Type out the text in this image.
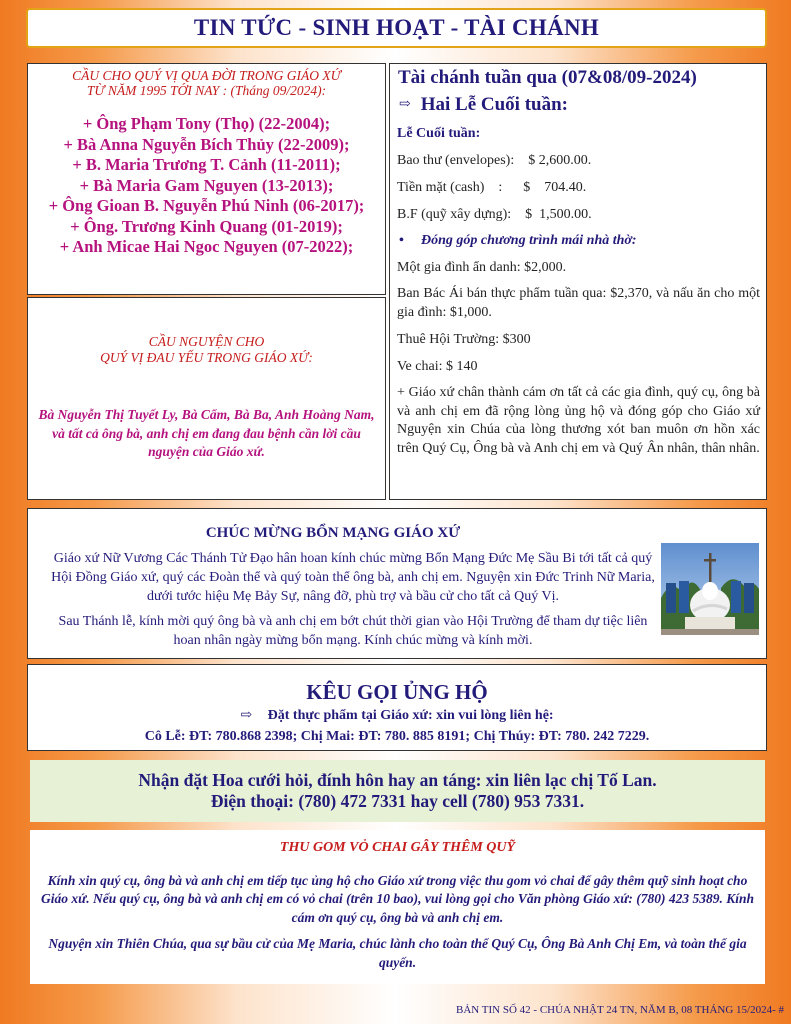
TIN TỨC - SINH HOẠT - TÀI CHÁNH
CẦU CHO QUÝ VỊ QUA ĐỜI TRONG GIÁO XỨ
TỪ NĂM 1995 TỚI NAY : (Tháng 09/2024):
+ Ông Phạm Tony (Thọ) (22-2004);
+ Bà Anna Nguyễn Bích Thủy (22-2009);
+ B. Maria Trương T. Cảnh (11-2011);
+ Bà Maria Gam Nguyen (13-2013);
+ Ông Gioan B. Nguyễn Phú Ninh (06-2017);
+ Ông. Trương Kinh Quang (01-2019);
+ Anh Micae Hai Ngoc Nguyen (07-2022);
CẦU NGUYỆN CHO
QUÝ VỊ ĐAU YẾU TRONG GIÁO XỨ:
Bà Nguyễn Thị Tuyết Ly, Bà Cẩm, Bà Ba, Anh Hoàng Nam, và tất cả ông bà, anh chị em đang đau bệnh cần lời cầu nguyện của Giáo xứ.
Tài chánh tuần qua (07&08/09-2024)
⇨ Hai Lễ Cuối tuần:
Lễ Cuối tuần:
Bao thư (envelopes):    $ 2,600.00.
Tiền mặt (cash)    :      $    704.40.
B.F (quỹ xây dựng):    $  1,500.00.
•	Đóng góp chương trình mái nhà thờ:
Một gia đình ẩn danh: $2,000.
Ban Bác Ái bán thực phẩm tuần qua: $2,370, và nấu ăn cho một gia đình: $1,000.
Thuê Hội Trường: $300
Ve chai: $ 140
+ Giáo xứ chân thành cám ơn tất cả các gia đình, quý cụ, ông bà và anh chị em đã rộng lòng ủng hộ và đóng góp cho Giáo xứ Nguyện xin Chúa của lòng thương xót ban muôn ơn hồn xác trên Quý Cụ, Ông bà và Anh chị em và Quý Ân nhân, thân nhân.
CHÚC MỪNG BỔN MẠNG GIÁO XỨ

Giáo xứ Nữ Vương Các Thánh Tử Đạo hân hoan kính chúc mừng Bổn Mạng Đức Mẹ Sầu Bi tới tất cả quý Hội Đồng Giáo xứ, quý các Đoàn thể và quý toàn thể ông bà, anh chị em. Nguyện xin Đức Trinh Nữ Maria, dưới tước hiệu Mẹ Bảy Sự, nâng đỡ, phù trợ và bầu cử cho tất cả Quý Vị.

Sau Thánh lễ, kính mời quý ông bà và anh chị em bớt chút thời gian vào Hội Trường để tham dự tiệc liên hoan nhân ngày mừng bổn mạng. Kính chúc mừng và kính mời.

KÊU GỌI ỦNG HỘ
⇨ Đặt thực phẩm tại Giáo xứ: xin vui lòng liên hệ:
Cô Lễ: ĐT: 780.868 2398; Chị Mai: ĐT: 780. 885 8191; Chị Thúy: ĐT: 780. 242 7229.
Nhận đặt Hoa cưới hỏi, đính hôn hay an táng: xin liên lạc chị Tố Lan.
Điện thoại: (780) 472 7331 hay cell (780) 953 7331.
THU GOM VỎ CHAI GÂY THÊM QUỸ
Kính xin quý cụ, ông bà và anh chị em tiếp tục ủng hộ cho Giáo xứ trong việc thu gom vỏ chai để gây thêm quỹ sinh hoạt cho Giáo xứ. Nếu quý cụ, ông bà và anh chị em có vỏ chai (trên 10 bao), vui lòng gọi cho Văn phòng Giáo xứ: (780) 423 5389. Kính cám ơn quý cụ, ông bà và anh chị em.
Nguyện xin Thiên Chúa, qua sự bầu cử của Mẹ Maria, chúc lành cho toàn thể Quý Cụ, Ông Bà Anh Chị Em, và toàn thể gia quyến.
BẢN TIN SỐ 42 - CHÚA NHẬT 24 TN, NĂM B, 08 THÁNG 15/2024- #
